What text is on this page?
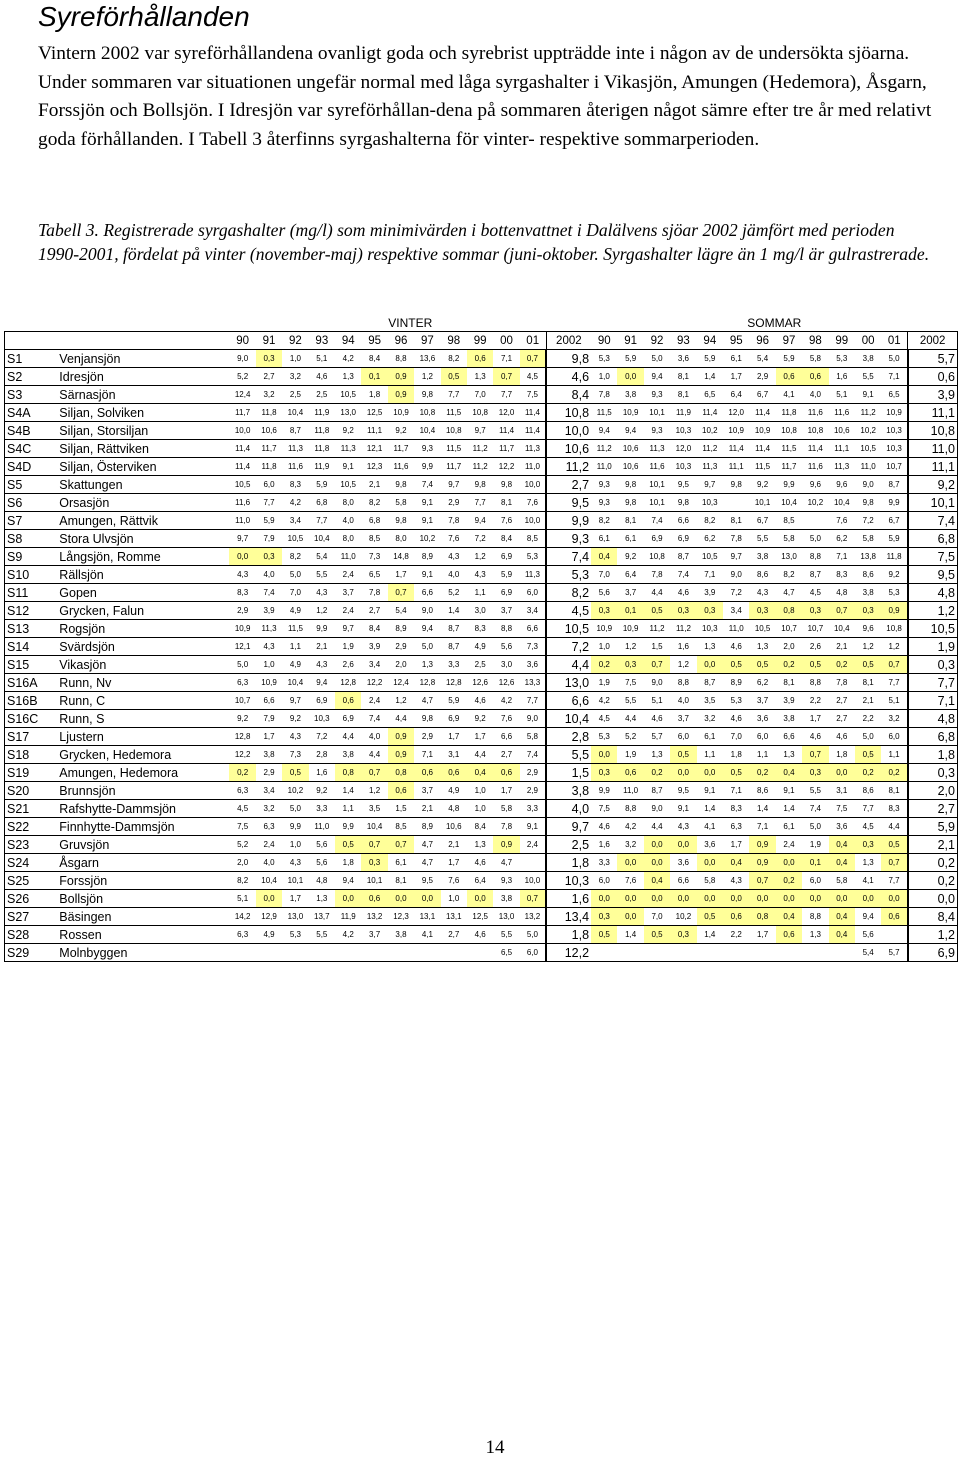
Syreförhållanden

Vintern 2002 var syreförhållandena ovanligt goda och syrebrist uppträdde inte i någon av de undersökta sjöarna. Under sommaren var situationen ungefär normal med låga syrgashalter i Vikasjön, Amungen (Hedemora), Åsgarn, Forssjön och Bollsjön. I Idresjön var syreförhållan-dena på sommaren återigen något sämre efter tre år med relativt goda förhållanden. I Tabell 3 återfinns syrgashalterna för vinter- respektive sommarperioden.

Tabell 3. Registrerade syrgashalter (mg/l) som minimivärden i bottenvattnet i Dalälvens sjöar 2002 jämfört med perioden 1990-2001, fördelat på vinter (november-maj) respektive sommar (juni-oktober. Syrgashalter lägre än 1 mg/l är gulrastrerade.

		VINTER													SOMMAR												
		90	91	92	93	94	95	96	97	98	99	00	01	2002	90	91	92	93	94	95	96	97	98	99	00	01	2002
S1	Venjansjön	9,0	0,3	1,0	5,1	4,2	8,4	8,8	13,6	8,2	0,6	7,1	0,7	9,8	5,3	5,9	5,0	3,6	5,9	6,1	5,4	5,9	5,8	5,3	3,8	5,0	5,7
S2	Idresjön	5,2	2,7	3,2	4,6	1,3	0,1	0,9	1,2	0,5	1,3	0,7	4,5	4,6	1,0	0,0	9,4	8,1	1,4	1,7	2,9	0,6	0,6	1,6	5,5	7,1	0,6
S3	Särnasjön	12,4	3,2	2,5	2,5	10,5	1,8	0,9	9,8	7,7	7,0	7,7	7,5	8,4	7,8	3,8	9,3	8,1	6,5	6,4	6,7	4,1	4,0	5,1	9,1	6,5	3,9
S4A	Siljan, Solviken	11,7	11,8	10,4	11,9	13,0	12,5	10,9	10,8	11,5	10,8	12,0	11,4	10,8	11,5	10,9	10,1	11,9	11,4	12,0	11,4	11,8	11,6	11,6	11,2	10,9	11,1
S4B	Siljan, Storsiljan	10,0	10,6	8,7	11,8	9,2	11,1	9,2	10,4	10,8	9,7	11,4	11,4	10,0	9,4	9,4	9,3	10,3	10,2	10,9	10,9	10,8	10,8	10,6	10,2	10,3	10,8
S4C	Siljan, Rättviken	11,4	11,7	11,3	11,8	11,3	12,1	11,7	9,3	11,5	11,2	11,7	11,3	10,6	11,2	10,6	11,3	12,0	11,2	11,4	11,4	11,5	11,4	11,1	10,5	10,3	11,0
S4D	Siljan, Österviken	11,4	11,8	11,6	11,9	9,1	12,3	11,6	9,9	11,7	11,2	12,2	11,0	11,2	11,0	10,6	11,6	10,3	11,3	11,1	11,5	11,7	11,6	11,3	11,0	10,7	11,1
S5	Skattungen	10,5	6,0	8,3	5,9	10,5	2,1	9,8	7,4	9,7	9,8	9,8	10,0	2,7	9,3	9,8	10,1	9,5	9,7	9,8	9,2	9,9	9,6	9,6	9,0	8,7	9,2
S6	Orsasjön	11,6	7,7	4,2	6,8	8,0	8,2	5,8	9,1	2,9	7,7	8,1	7,6	9,5	9,3	9,8	10,1	9,8	10,3		10,1	10,4	10,2	10,4	9,8	9,9	10,1
S7	Amungen, Rättvik	11,0	5,9	3,4	7,7	4,0	6,8	9,8	9,1	7,8	9,4	7,6	10,0	9,9	8,2	8,1	7,4	6,6	8,2	8,1	6,7	8,5		7,6	7,2	6,7	7,4
S8	Stora Ulvsjön	9,7	7,9	10,5	10,4	8,0	8,5	8,0	10,2	7,6	7,2	8,4	8,5	9,3	6,1	6,1	6,9	6,9	6,2	7,8	5,5	5,8	5,0	6,2	5,8	5,9	6,8
S9	Långsjön, Romme	0,0	0,3	8,2	5,4	11,0	7,3	14,8	8,9	4,3	1,2	6,9	5,3	7,4	0,4	9,2	10,8	8,7	10,5	9,7	3,8	13,0	8,8	7,1	13,8	11,8	7,5
S10	Rällsjön	4,3	4,0	5,0	5,5	2,4	6,5	1,7	9,1	4,0	4,3	5,9	11,3	5,3	7,0	6,4	7,8	7,4	7,1	9,0	8,6	8,2	8,7	8,3	8,6	9,2	9,5
S11	Gopen	8,3	7,4	7,0	4,3	3,7	7,8	0,7	6,6	5,2	1,1	6,9	6,0	8,2	5,6	3,7	4,4	4,6	3,9	7,2	4,3	4,7	4,5	4,8	3,8	5,3	4,8
S12	Grycken, Falun	2,9	3,9	4,9	1,2	2,4	2,7	5,4	9,0	1,4	3,0	3,7	3,4	4,5	0,3	0,1	0,5	0,3	0,3	3,4	0,3	0,8	0,3	0,7	0,3	0,9	1,2
S13	Rogsjön	10,9	11,3	11,5	9,9	9,7	8,4	8,9	9,4	8,7	8,3	8,8	6,6	10,5	10,9	10,9	11,2	11,2	10,3	11,0	10,5	10,7	10,7	10,4	9,6	10,8	10,5
S14	Svärdsjön	12,1	4,3	1,1	2,1	1,9	3,9	2,9	5,0	8,7	4,9	5,6	7,3	7,2	1,0	1,2	1,5	1,6	1,3	4,6	1,3	2,0	2,6	2,1	1,2	1,2	1,9
S15	Vikasjön	5,0	1,0	4,9	4,3	2,6	3,4	2,0	1,3	3,3	2,5	3,0	3,6	4,4	0,2	0,3	0,7	1,2	0,0	0,5	0,5	0,2	0,5	0,2	0,5	0,7	0,3
S16A	Runn, Nv	6,3	10,9	10,4	9,4	12,8	12,2	12,4	12,8	12,8	12,6	12,6	13,3	13,0	1,9	7,5	9,0	8,8	8,7	8,9	6,2	8,1	8,8	7,8	8,1	7,7	7,7
S16B	Runn, C	10,7	6,6	9,7	6,9	0,6	2,4	1,2	4,7	5,9	4,6	4,2	7,7	6,6	4,2	5,5	5,1	4,0	3,5	5,3	3,7	3,9	2,2	2,7	2,1	5,1	7,1
S16C	Runn, S	9,2	7,9	9,2	10,3	6,9	7,4	4,4	9,8	6,9	9,2	7,6	9,0	10,4	4,5	4,4	4,6	3,7	3,2	4,6	3,6	3,8	1,7	2,7	2,2	3,2	4,8
S17	Ljustern	12,8	1,7	4,3	7,2	4,4	4,0	0,9	2,9	1,7	1,7	6,6	5,8	2,8	5,3	5,2	5,7	6,0	6,1	7,0	6,0	6,6	4,6	4,6	5,0	6,0	6,8
S18	Grycken, Hedemora	12,2	3,8	7,3	2,8	3,8	4,4	0,9	7,1	3,1	4,4	2,7	7,4	5,5	0,0	1,9	1,3	0,5	1,1	1,8	1,1	1,3	0,7	1,8	0,5	1,1	1,8
S19	Amungen, Hedemora	0,2	2,9	0,5	1,6	0,8	0,7	0,8	0,6	0,6	0,4	0,6	2,9	1,5	0,3	0,6	0,2	0,0	0,0	0,5	0,2	0,4	0,3	0,0	0,2	0,2	0,3
S20	Brunnsjön	6,3	3,4	10,2	9,2	1,4	1,2	0,6	3,7	4,9	1,0	1,7	2,9	3,8	9,9	11,0	8,7	9,5	9,1	7,1	8,6	9,1	5,5	3,1	8,6	8,1	2,0
S21	Rafshytte-Dammsjön	4,5	3,2	5,0	3,3	1,1	3,5	1,5	2,1	4,8	1,0	5,8	3,3	4,0	7,5	8,8	9,0	9,1	1,4	8,3	1,4	1,4	7,4	7,5	7,7	8,3	2,7
S22	Finnhytte-Dammsjön	7,5	6,3	9,9	11,0	9,9	10,4	8,5	8,9	10,6	8,4	7,8	9,1	9,7	4,6	4,2	4,4	4,3	4,1	6,3	7,1	6,1	5,0	3,6	4,5	4,4	5,9
S23	Gruvsjön	5,2	2,4	1,0	5,6	0,5	0,7	0,7	4,7	2,1	1,3	0,9	2,4	2,5	1,6	3,2	0,0	0,0	3,6	1,7	0,9	2,4	1,9	0,4	0,3	0,5	2,1
S24	Åsgarn	2,0	4,0	4,3	5,6	1,8	0,3	6,1	4,7	1,7	4,6	4,7		1,8	3,3	0,0	0,0	3,6	0,0	0,4	0,9	0,0	0,1	0,4	1,3	0,7	0,2
S25	Forssjön	8,2	10,4	10,1	4,8	9,4	10,1	8,1	9,5	7,6	6,4	9,3	10,0	10,3	6,0	7,6	0,4	6,6	5,8	4,3	0,7	0,2	6,0	5,8	4,1	7,7	0,2
S26	Bollsjön	5,1	0,0	1,7	1,3	0,0	0,6	0,0	0,0	1,0	0,0	3,8	0,7	1,6	0,0	0,0	0,0	0,0	0,0	0,0	0,0	0,0	0,0	0,0	0,0	0,0	0,0
S27	Bäsingen	14,2	12,9	13,0	13,7	11,9	13,2	12,3	13,1	13,1	12,5	13,0	13,2	13,4	0,3	0,0	7,0	10,2	0,5	0,6	0,8	0,4	8,8	0,4	9,4	0,6	8,4
S28	Rossen	6,3	4,9	5,3	5,5	4,2	3,7	3,8	4,1	2,7	4,6	5,5	5,0	1,8	0,5	1,4	0,5	0,3	1,4	2,2	1,7	0,6	1,3	0,4	5,6		1,2
S29	Molnbyggen											6,5	6,0	12,2											5,4	5,7	6,9

14
